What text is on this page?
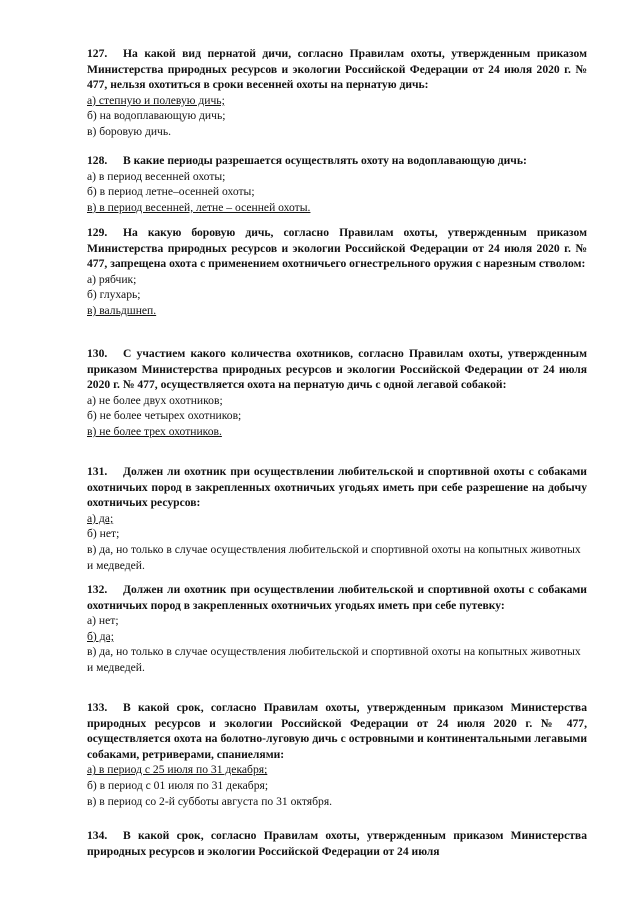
127. На какой вид пернатой дичи, согласно Правилам охоты, утвержденным приказом Министерства природных ресурсов и экологии Российской Федерации от 24 июля 2020 г. № 477, нельзя охотиться в сроки весенней охоты на пернатую дичь:

а) степную и полевую дичь;

б) на водоплавающую дичь;

в) боровую дичь.

128. В какие периоды разрешается осуществлять охоту на водоплавающую дичь:

а) в период весенней охоты;

б) в период летне–осенней охоты;

в) в период весенней, летне – осенней охоты.

129. На какую боровую дичь, согласно Правилам охоты, утвержденным приказом Министерства природных ресурсов и экологии Российской Федерации от 24 июля 2020 г. № 477, запрещена охота с применением охотничьего огнестрельного оружия с нарезным стволом:

а) рябчик;

б) глухарь;

в) вальдшнеп.

130. С участием какого количества охотников, согласно Правилам охоты, утвержденным приказом Министерства природных ресурсов и экологии Российской Федерации от 24 июля 2020 г. № 477, осуществляется охота на пернатую дичь с одной легавой собакой:

а) не более двух охотников;

б) не более четырех охотников;

в) не более трех охотников.

131. Должен ли охотник при осуществлении любительской и спортивной охоты с собаками охотничьих пород в закрепленных охотничьих угодьях иметь при себе разрешение на добычу охотничьих ресурсов:

а) да;

б) нет;

в) да, но только в случае осуществления любительской и спортивной охоты на копытных животных и медведей.

132. Должен ли охотник при осуществлении любительской и спортивной охоты с собаками охотничьих пород в закрепленных охотничьих угодьях иметь при себе путевку:

а) нет;

б) да;

в) да, но только в случае осуществления любительской и спортивной охоты на копытных животных и медведей.

133. В какой срок, согласно Правилам охоты, утвержденным приказом Министерства природных ресурсов и экологии Российской Федерации от 24 июля 2020 г. № 477, осуществляется охота на болотно-луговую дичь с островными и континентальными легавыми собаками, ретриверами, спаниелями:

а) в период с 25 июля по 31 декабря;

б) в период с 01 июля по 31 декабря;

в) в период со 2-й субботы августа по 31 октября.

134. В какой срок, согласно Правилам охоты, утвержденным приказом Министерства природных ресурсов и экологии Российской Федерации от 24 июля
